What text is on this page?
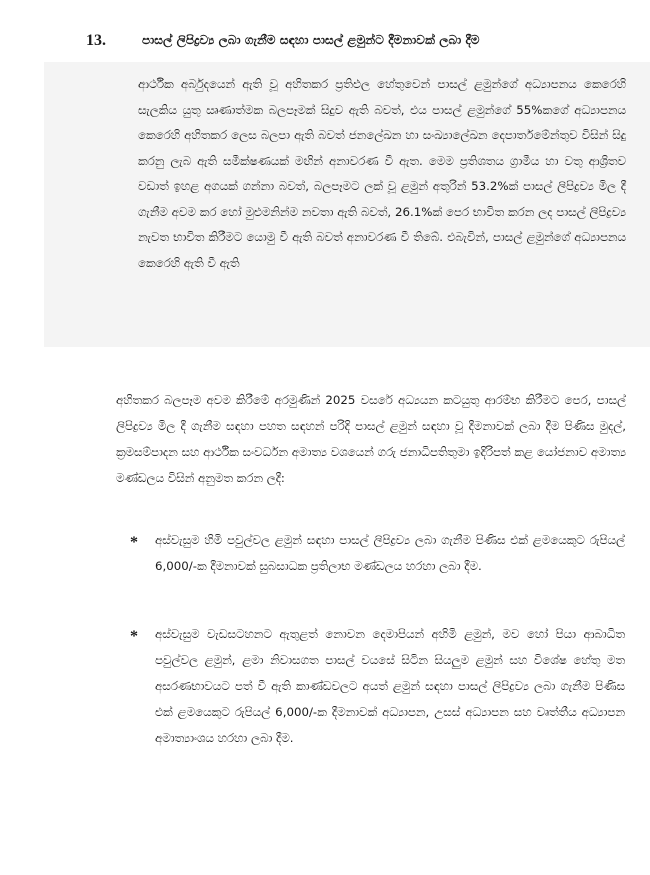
13.	පාසල් ලිපිද්‍රව්‍ය ලබා ගැනීම සඳහා පාසල් ළමුන්ට දීමනාවක් ලබා දීම
ආර්ථික අර්බුදයෙන් ඇති වූ අහිතකර ප්‍රතිඵල හේතුවෙන් පාසල් ළමුන්ගේ අධ්‍යාපනය කෙරෙහි සැලකිය යුතු ඍණාත්මක බලපෑමක් සිදුව ඇති බවත්, එය පාසල් ළමුන්ගේ 55%කගේ අධ්‍යාපනය කෙරෙහි අහිතකර ලෙස බලපා ඇති බවත් ජනලේඛන හා සංඛ්‍යාලේඛන දෙපාර්තමේන්තුව විසින් සිදු කරනු ලැබ ඇති සමීක්ෂණයක් මඟින් අනාවරණ වී ඇත. මෙම ප්‍රතිශතය ග්‍රාමීය හා වතු ආශ්‍රිතව වඩාත් ඉහළ අගයක් ගන්නා බවත්, බලපෑමට ලක් වූ ළමුන් අතුරින් 53.2%ක් පාසල් ලිපිද්‍රව්‍ය මිල දී ගැනීම අවම කර හෝ මුළුමනින්ම නවතා ඇති බවත්, 26.1%ක් පෙර භාවිත කරන ලද පාසල් ලිපිද්‍රව්‍ය නැවත භාවිත කිරීමට යොමු වී ඇති බවත් අනාවරණ වී තිබේ. එබැවින්, පාසල් ළමුන්ගේ අධ්‍යාපනය කෙරෙහි ඇති වී ඇති
අහිතකර බලපෑම අවම කිරීමේ අරමුණින් 2025 වසරේ අධ්‍යයන කටයුතු ආරම්භ කිරීමට පෙර, පාසල් ලිපිද්‍රව්‍ය මිල දී ගැනීම සඳහා පහත සඳහන් පරිදි පාසල් ළමුන් සඳහා වූ දීමනාවක් ලබා දීම පිණිස මුදල්, ක්‍රමසම්පාදන සහ ආර්ථික සංවර්ධන අමාත්‍ය වශයෙන් ගරු ජනාධිපතිතුමා ඉදිරිපත් කළ යෝජනාව අමාත්‍ය මණ්ඩලය විසින් අනුමත කරන ලදී:
*	අස්වැසුම හිමි පවුල්වල ළමුන් සඳහා පාසල් ලිපිද්‍රව්‍ය ලබා ගැනීම පිණිස එක් ළමයෙකුට රුපියල් 6,000/-ක දීමනාවක් සුබසාධක ප්‍රතිලාභ මණ්ඩලය හරහා ලබා දීම.
*	අස්වැසුම වැඩසටහනට ඇතුළත් නොවන දෙමාපියන් අහිමි ළමුන්, මව හෝ පියා ආබාධිත පවුල්වල ළමුන්, ළමා නිවාසගත පාසල් වයසේ සිටින සියලුම ළමුන් සහ විශේෂ හේතු මත අසරණභාවයට පත් වී ඇති කාණ්ඩවලට අයත් ළමුන් සඳහා පාසල් ලිපිද්‍රව්‍ය ලබා ගැනීම පිණිස එක් ළමයෙකුට රුපියල් 6,000/-ක දීමනාවක් අධ්‍යාපන, උසස් අධ්‍යාපන සහ වෘත්තීය අධ්‍යාපන අමාත්‍යාංශය හරහා ලබා දීම.
